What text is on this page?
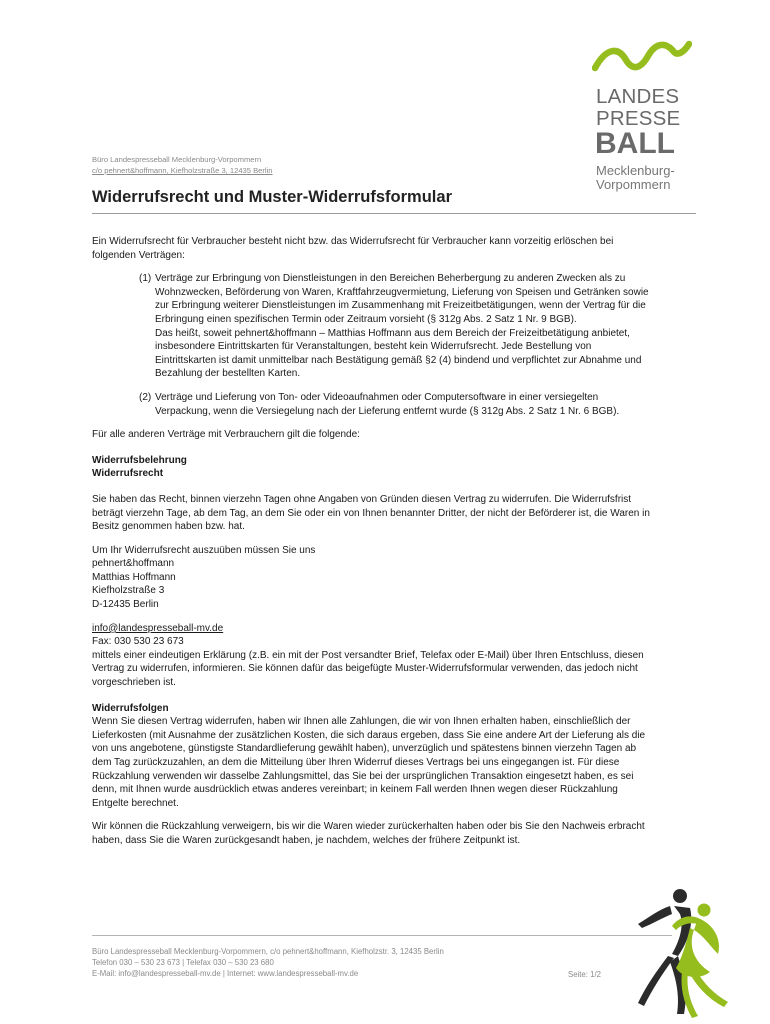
Büro Landespresseball Mecklenburg-Vorpommern
c/o pehnert&hoffmann, Kiefholzstraße 3, 12435 Berlin
LANDES
PRESSE
BALL
Mecklenburg-
Vorpommern
Widerrufsrecht und Muster-Widerrufsformular

Ein Widerrufsrecht für Verbraucher besteht nicht bzw. das Widerrufsrecht für Verbraucher kann vorzeitig erlöschen bei folgenden Verträgen:

(1) Verträge zur Erbringung von Dienstleistungen in den Bereichen Beherbergung zu anderen Zwecken als zu Wohnzwecken, Beförderung von Waren, Kraftfahrzeugvermietung, Lieferung von Speisen und Getränken sowie zur Erbringung weiterer Dienstleistungen im Zusammenhang mit Freizeitbetätigungen, wenn der Vertrag für die Erbringung einen spezifischen Termin oder Zeitraum vorsieht (§ 312g Abs. 2 Satz 1 Nr. 9 BGB).

Das heißt, soweit pehnert&hoffmann – Matthias Hoffmann aus dem Bereich der Freizeitbetätigung anbietet, insbesondere Eintrittskarten für Veranstaltungen, besteht kein Widerrufsrecht. Jede Bestellung von Eintrittskarten ist damit unmittelbar nach Bestätigung gemäß §2 (4) bindend und verpflichtet zur Abnahme und Bezahlung der bestellten Karten.

(2) Verträge und Lieferung von Ton- oder Videoaufnahmen oder Computersoftware in einer versiegelten Verpackung, wenn die Versiegelung nach der Lieferung entfernt wurde (§ 312g Abs. 2 Satz 1 Nr. 6 BGB).

Für alle anderen Verträge mit Verbrauchern gilt die folgende:

Widerrufsbelehrung

Widerrufsrecht

Sie haben das Recht, binnen vierzehn Tagen ohne Angaben von Gründen diesen Vertrag zu widerrufen. Die Widerrufsfrist beträgt vierzehn Tage, ab dem Tag, an dem Sie oder ein von Ihnen benannter Dritter, der nicht der Beförderer ist, die Waren in Besitz genommen haben bzw. hat.

Um Ihr Widerrufsrecht auszuüben müssen Sie uns

pehnert&hoffmann

Matthias Hoffmann

Kiefholzstraße 3

D-12435 Berlin

info@landespresseball-mv.de

Fax: 030 530 23 673

mittels einer eindeutigen Erklärung (z.B. ein mit der Post versandter Brief, Telefax oder E-Mail) über Ihren Entschluss, diesen Vertrag zu widerrufen, informieren. Sie können dafür das beigefügte Muster-Widerrufsformular verwenden, das jedoch nicht vorgeschrieben ist.

Widerrufsfolgen

Wenn Sie diesen Vertrag widerrufen, haben wir Ihnen alle Zahlungen, die wir von Ihnen erhalten haben, einschließlich der Lieferkosten (mit Ausnahme der zusätzlichen Kosten, die sich daraus ergeben, dass Sie eine andere Art der Lieferung als die von uns angebotene, günstigste Standardlieferung gewählt haben), unverzüglich und spätestens binnen vierzehn Tagen ab dem Tag zurückzuzahlen, an dem die Mitteilung über Ihren Widerruf dieses Vertrags bei uns eingegangen ist. Für diese Rückzahlung verwenden wir dasselbe Zahlungsmittel, das Sie bei der ursprünglichen Transaktion eingesetzt haben, es sei denn, mit Ihnen wurde ausdrücklich etwas anderes vereinbart; in keinem Fall werden Ihnen wegen dieser Rückzahlung Entgelte berechnet.

Wir können die Rückzahlung verweigern, bis wir die Waren wieder zurückerhalten haben oder bis Sie den Nachweis erbracht haben, dass Sie die Waren zurückgesandt haben, je nachdem, welches der frühere Zeitpunkt ist.

Büro Landespresseball Mecklenburg-Vorpommern, c/o pehnert&hoffmann, Kiefholzstr. 3, 12435 Berlin
Telefon 030 – 530 23 673 | Telefax 030 – 530 23 680
E-Mail: info@landespresseball-mv.de | Internet: www.landespresseball-mv.de	Seite: 1/2
